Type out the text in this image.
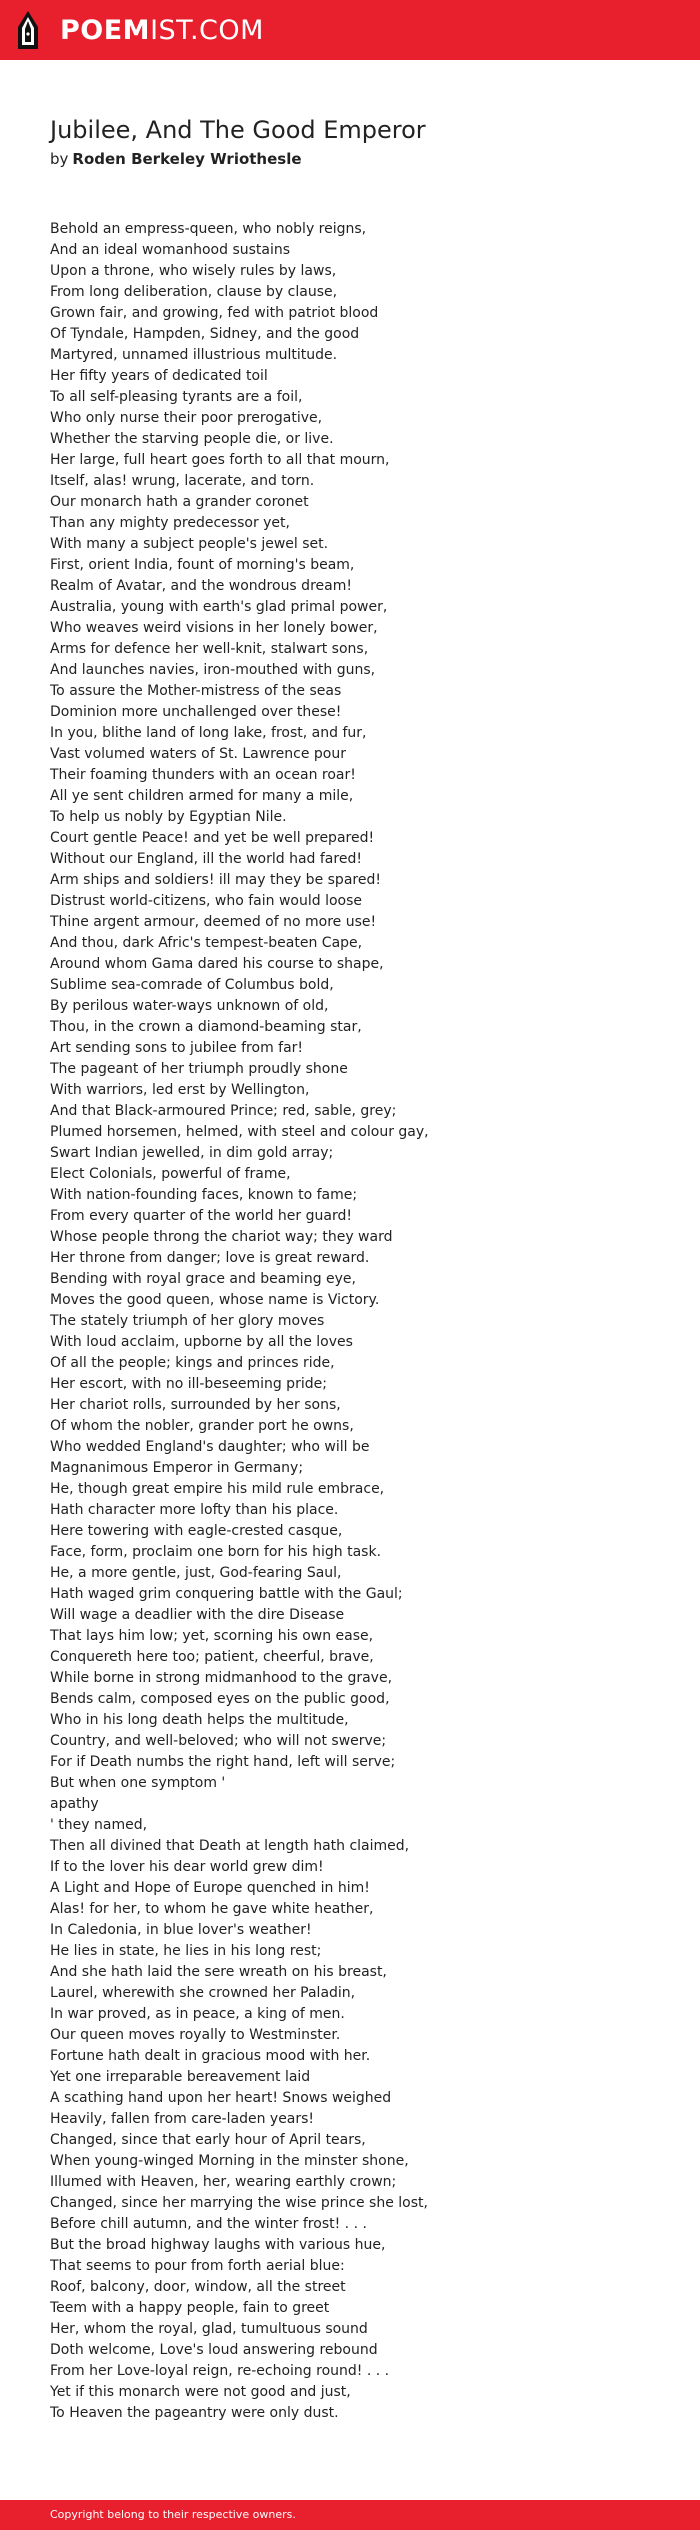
POEMIST.COM
Jubilee, And The Good Emperor
by Roden Berkeley Wriothesle
Behold an empress-queen, who nobly reigns,
And an ideal womanhood sustains
Upon a throne, who wisely rules by laws,
From long deliberation, clause by clause,
Grown fair, and growing, fed with patriot blood
Of Tyndale, Hampden, Sidney, and the good
Martyred, unnamed illustrious multitude.
Her fifty years of dedicated toil
To all self-pleasing tyrants are a foil,
Who only nurse their poor prerogative,
Whether the starving people die, or live.
Her large, full heart goes forth to all that mourn,
Itself, alas! wrung, lacerate, and torn.
Our monarch hath a grander coronet
Than any mighty predecessor yet,
With many a subject people's jewel set.
First, orient India, fount of morning's beam,
Realm of Avatar, and the wondrous dream!
Australia, young with earth's glad primal power,
Who weaves weird visions in her lonely bower,
Arms for defence her well-knit, stalwart sons,
And launches navies, iron-mouthed with guns,
To assure the Mother-mistress of the seas
Dominion more unchallenged over these!
In you, blithe land of long lake, frost, and fur,
Vast volumed waters of St. Lawrence pour
Their foaming thunders with an ocean roar!
All ye sent children armed for many a mile,
To help us nobly by Egyptian Nile.
Court gentle Peace! and yet be well prepared!
Without our England, ill the world had fared!
Arm ships and soldiers! ill may they be spared!
Distrust world-citizens, who fain would loose
Thine argent armour, deemed of no more use!
And thou, dark Afric's tempest-beaten Cape,
Around whom Gama dared his course to shape,
Sublime sea-comrade of Columbus bold,
By perilous water-ways unknown of old,
Thou, in the crown a diamond-beaming star,
Art sending sons to jubilee from far!
The pageant of her triumph proudly shone
With warriors, led erst by Wellington,
And that Black-armoured Prince; red, sable, grey;
Plumed horsemen, helmed, with steel and colour gay,
Swart Indian jewelled, in dim gold array;
Elect Colonials, powerful of frame,
With nation-founding faces, known to fame;
From every quarter of the world her guard!
Whose people throng the chariot way; they ward
Her throne from danger; love is great reward.
Bending with royal grace and beaming eye,
Moves the good queen, whose name is Victory.
The stately triumph of her glory moves
With loud acclaim, upborne by all the loves
Of all the people; kings and princes ride,
Her escort, with no ill-beseeming pride;
Her chariot rolls, surrounded by her sons,
Of whom the nobler, grander port he owns,
Who wedded England's daughter; who will be
Magnanimous Emperor in Germany;
He, though great empire his mild rule embrace,
Hath character more lofty than his place.
Here towering with eagle-crested casque,
Face, form, proclaim one born for his high task.
He, a more gentle, just, God-fearing Saul,
Hath waged grim conquering battle with the Gaul;
Will wage a deadlier with the dire Disease
That lays him low; yet, scorning his own ease,
Conquereth here too; patient, cheerful, brave,
While borne in strong midmanhood to the grave,
Bends calm, composed eyes on the public good,
Who in his long death helps the multitude,
Country, and well-beloved; who will not swerve;
For if Death numbs the right hand, left will serve;
But when one symptom '
apathy
' they named,
Then all divined that Death at length hath claimed,
If to the lover his dear world grew dim!
A Light and Hope of Europe quenched in him!
Alas! for her, to whom he gave white heather,
In Caledonia, in blue lover's weather!
He lies in state, he lies in his long rest;
And she hath laid the sere wreath on his breast,
Laurel, wherewith she crowned her Paladin,
In war proved, as in peace, a king of men.
Our queen moves royally to Westminster.
Fortune hath dealt in gracious mood with her.
Yet one irreparable bereavement laid
A scathing hand upon her heart! Snows weighed
Heavily, fallen from care-laden years!
Changed, since that early hour of April tears,
When young-winged Morning in the minster shone,
Illumed with Heaven, her, wearing earthly crown;
Changed, since her marrying the wise prince she lost,
Before chill autumn, and the winter frost! . . .
But the broad highway laughs with various hue,
That seems to pour from forth aerial blue:
Roof, balcony, door, window, all the street
Teem with a happy people, fain to greet
Her, whom the royal, glad, tumultuous sound
Doth welcome, Love's loud answering rebound
From her Love-loyal reign, re-echoing round! . . .
Yet if this monarch were not good and just,
To Heaven the pageantry were only dust.
Copyright belong to their respective owners.
